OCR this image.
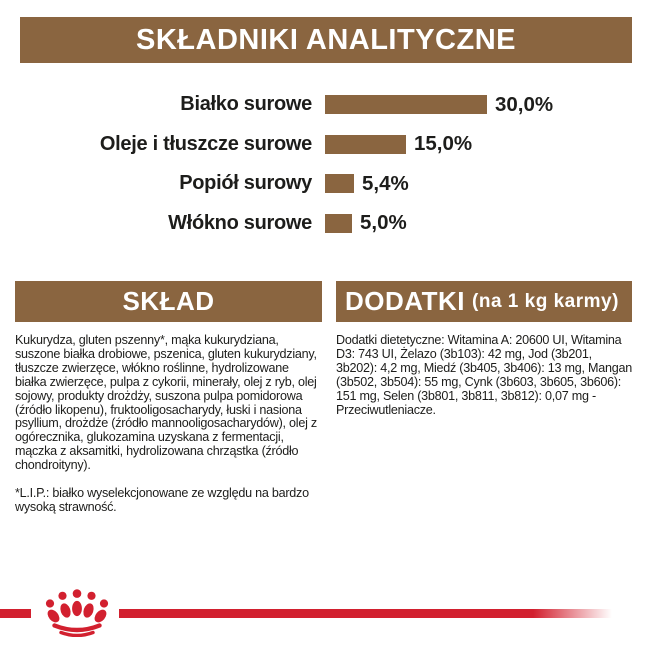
SKŁADNIKI ANALITYCZNE
Białko surowe	30,0%
Oleje i tłuszcze surowe	15,0%
Popiół surowy 5,4%
Włókno surowe 5,0%
SKŁAD

Kukurydza, gluten pszenny*, mąka kukurydziana, suszone białka drobiowe, pszenica, gluten kukurydziany, tłuszcze zwierzęce, włókno roślinne, hydrolizowane białka zwierzęce, pulpa z cykorii, minerały, olej z ryb, olej sojowy, produkty drożdży, suszona pulpa pomidorowa (źródło likopenu), fruktooligosacharydy, łuski i nasiona psyllium, drożdże (źródło mannooligosacharydów), olej z ogórecznika, glukozamina uzyskana z fermentacji, mączka z aksamitki, hydrolizowana chrząstka (źródło chondroityny).

*L.I.P.: białko wyselekcjonowane ze względu na bardzo wysoką strawność.

DODATKI (na 1 kg karmy)

Dodatki dietetyczne: Witamina A: 20600 UI, Witamina D3: 743 UI, Żelazo (3b103): 42 mg, Jod (3b201, 3b202): 4,2 mg, Miedź (3b405, 3b406): 13 mg, Mangan (3b502, 3b504): 55 mg, Cynk (3b603, 3b605, 3b606): 151 mg, Selen (3b801, 3b811, 3b812): 0,07 mg - Przeciwutleniacze.
